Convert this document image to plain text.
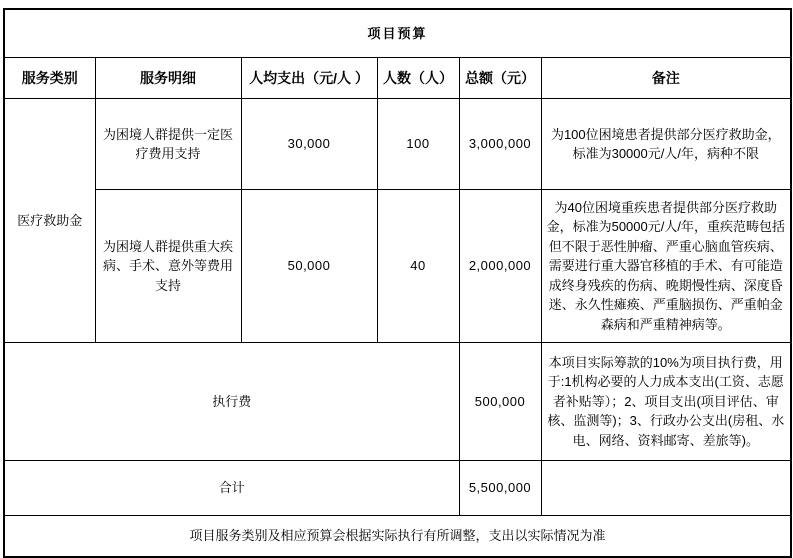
项目预算					
服务类别	服务明细	人均支出（元/人 ）	人数（人）	总额（元）	备注
医疗救助金	为困境人群提供一定医疗费用支持	30,000	100	3,000,000	为100位困境患者提供部分医疗救助金，标准为30000元/人/年，病种不限
	为困境人群提供重大疾病、手术、意外等费用支持	50,000	40	2,000,000	为40位困境重疾患者提供部分医疗救助金，标准为50000元/人/年，重疾范畴包括但不限于恶性肿瘤、严重心脑血管疾病、需要进行重大器官移植的手术、有可能造成终身残疾的伤病、晚期慢性病、深度昏迷、永久性瘫痪、严重脑损伤、严重帕金森病和严重精神病等。
执行费				500,000	本项目实际筹款的10%为项目执行费，用于:1机构必要的人力成本支出(工资、志愿者补贴等）；2、项目支出(项目评估、审核、监测等)；3、行政办公支出(房租、水电、网络、资料邮寄、差旅等)。
合计				5,500,000	
项目服务类别及相应预算会根据实际执行有所调整，支出以实际情况为准					
